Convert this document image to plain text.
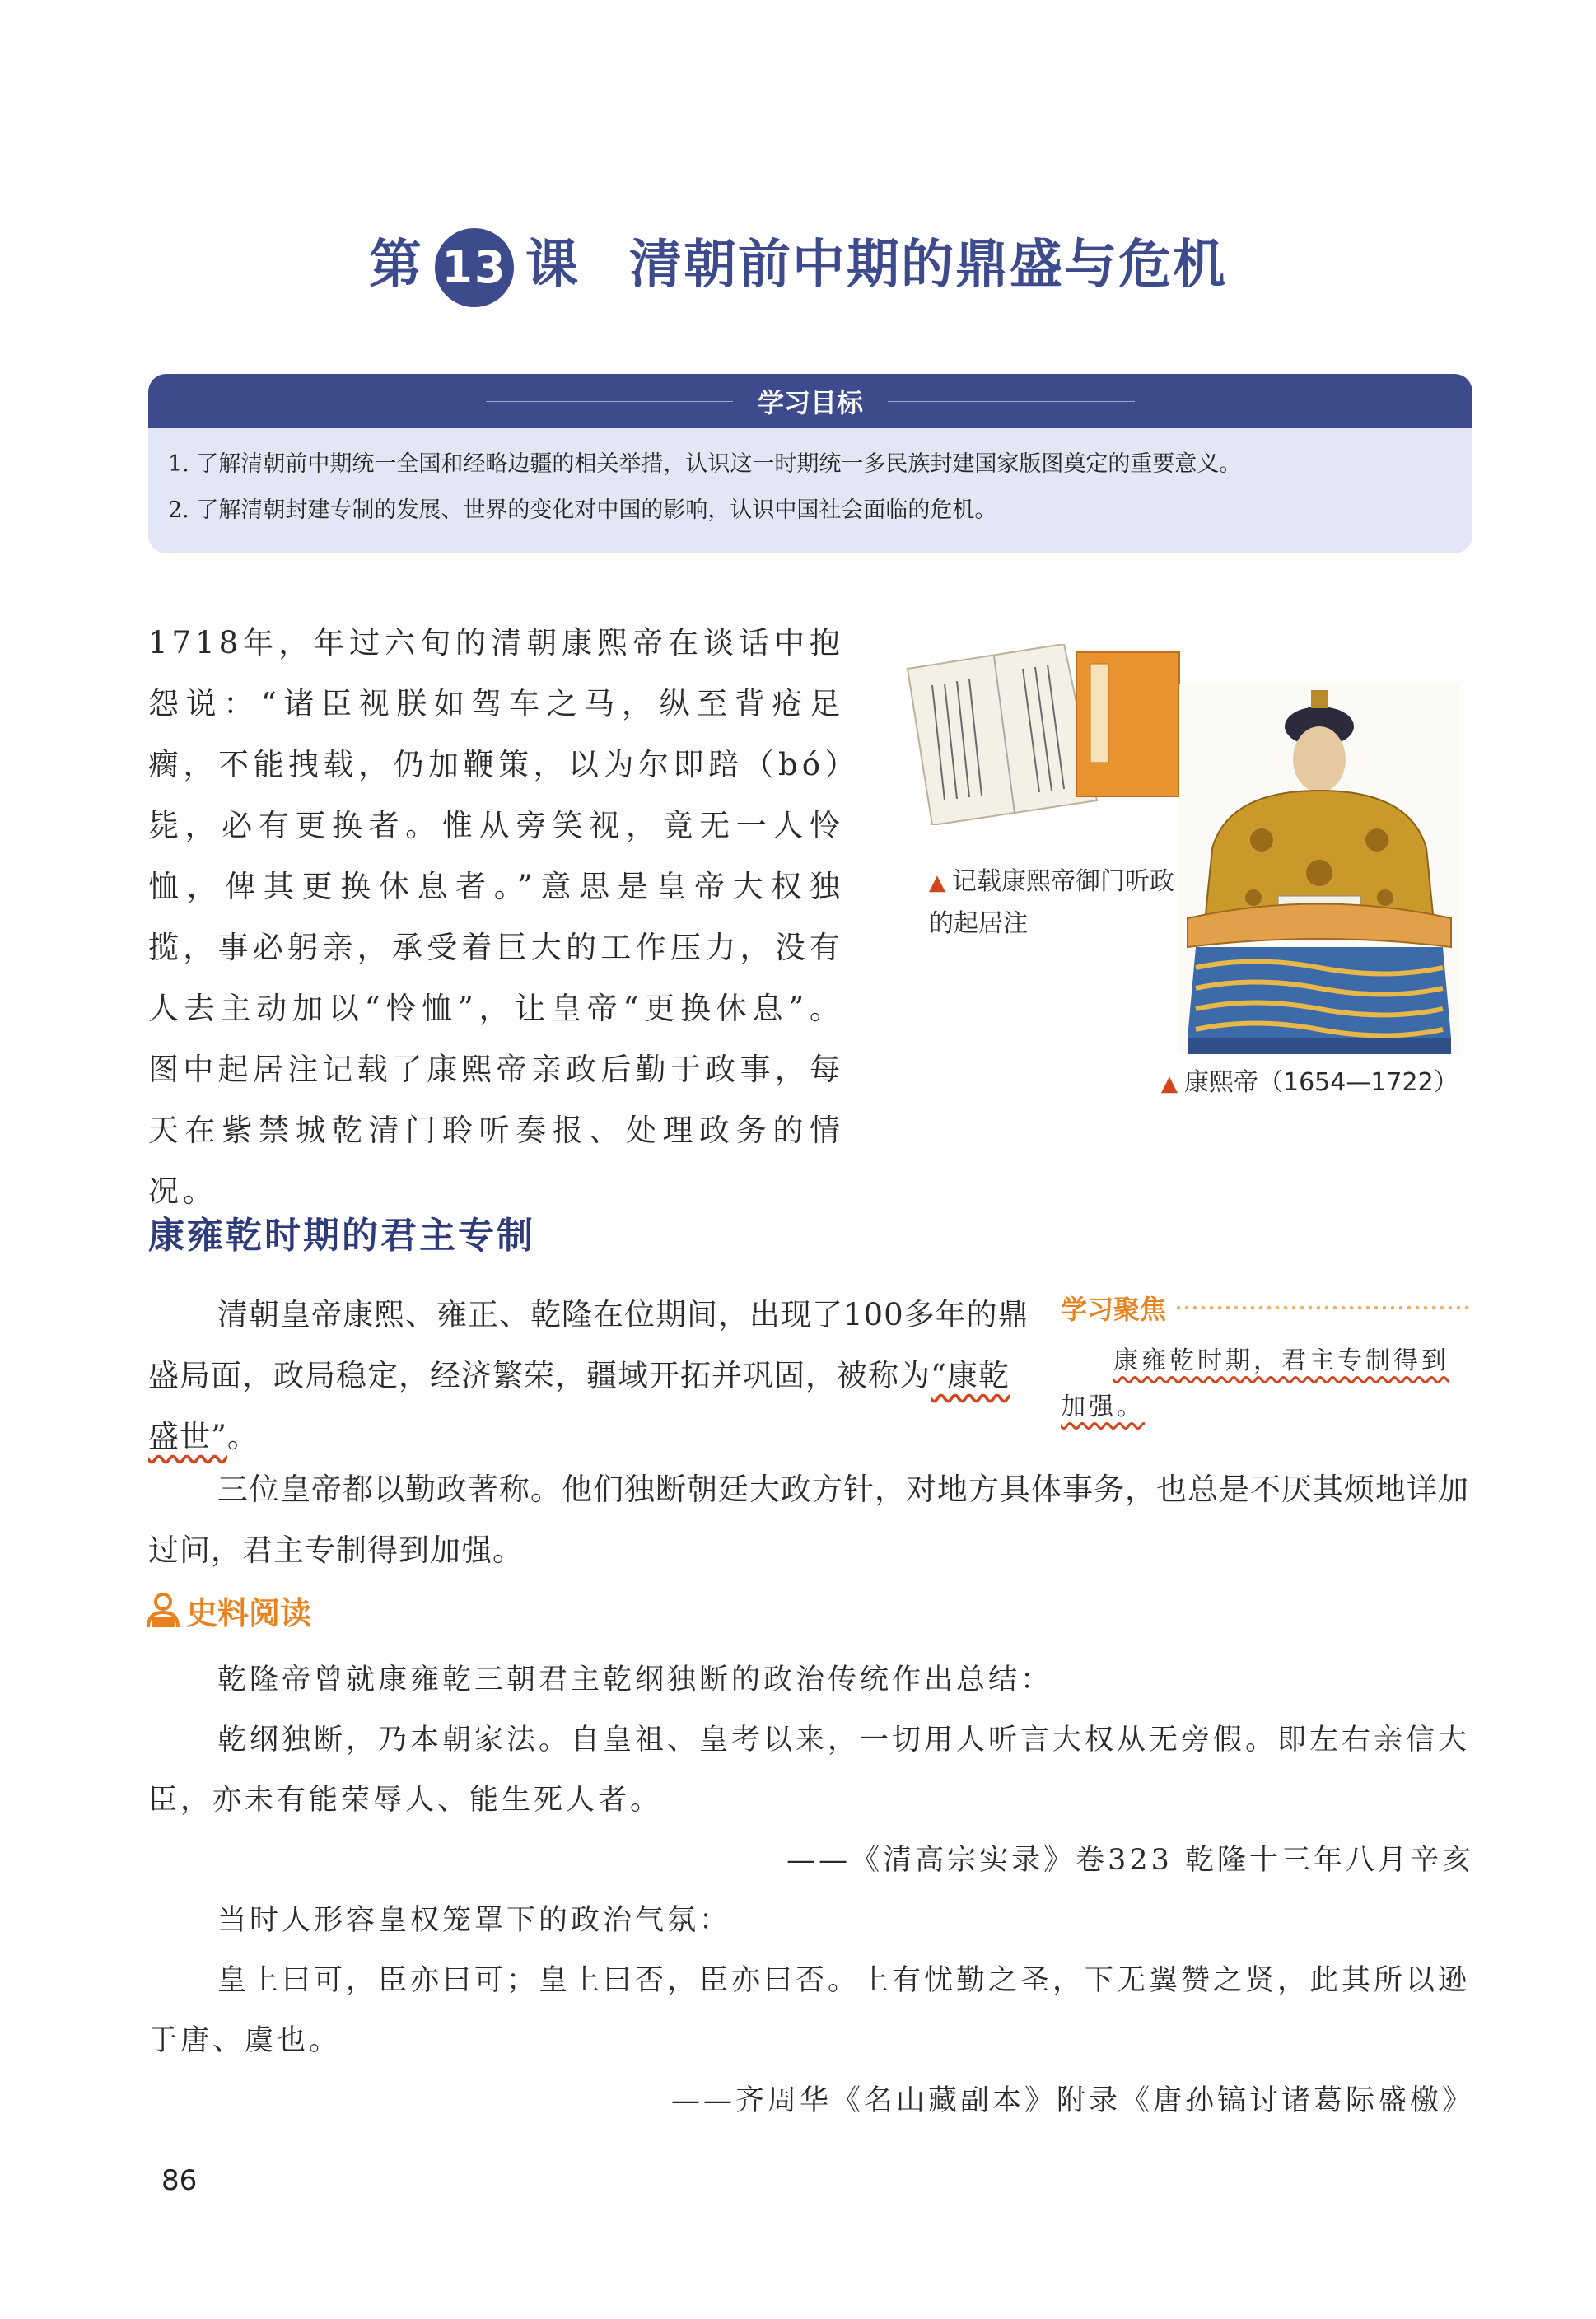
第 13 课 清朝前中期的鼎盛与危机
学习目标
1. 了解清朝前中期统一全国和经略边疆的相关举措，认识这一时期统一多民族封建国家版图奠定的重要意义。
2. 了解清朝封建专制的发展、世界的变化对中国的影响，认识中国社会面临的危机。
1718年，年过六旬的清朝康熙帝在谈话中抱怨说：“诸臣视朕如驾车之马，纵至背疮足瘸，不能拽载，仍加鞭策，以为尔即踣（bó）毙，必有更换者。惟从旁笑视，竟无一人怜恤，俾其更换休息者。”意思是皇帝大权独揽，事必躬亲，承受着巨大的工作压力，没有人去主动加以“怜恤”，让皇帝“更换休息”。图中起居注记载了康熙帝亲政后勤于政事，每天在紫禁城乾清门聆听奏报、处理政务的情况。
▲ 记载康熙帝御门听政的起居注
▲ 康熙帝（1654—1722）
康雍乾时期的君主专制
清朝皇帝康熙、雍正、乾隆在位期间，出现了100多年的鼎盛局面，政局稳定，经济繁荣，疆域开拓并巩固，被称为“康乾盛世”。
学习聚焦
康雍乾时期，君主专制得到加强。
三位皇帝都以勤政著称。他们独断朝廷大政方针，对地方具体事务，也总是不厌其烦地详加过问，君主专制得到加强。
史料阅读
乾隆帝曾就康雍乾三朝君主乾纲独断的政治传统作出总结：
乾纲独断，乃本朝家法。自皇祖、皇考以来，一切用人听言大权从无旁假。即左右亲信大臣，亦未有能荣辱人、能生死人者。
——《清高宗实录》卷323 乾隆十三年八月辛亥
当时人形容皇权笼罩下的政治气氛：
皇上曰可，臣亦曰可；皇上曰否，臣亦曰否。上有忧勤之圣，下无翼赞之贤，此其所以逊于唐、虞也。
——齐周华《名山藏副本》附录《唐孙镐讨诸葛际盛檄》
86
